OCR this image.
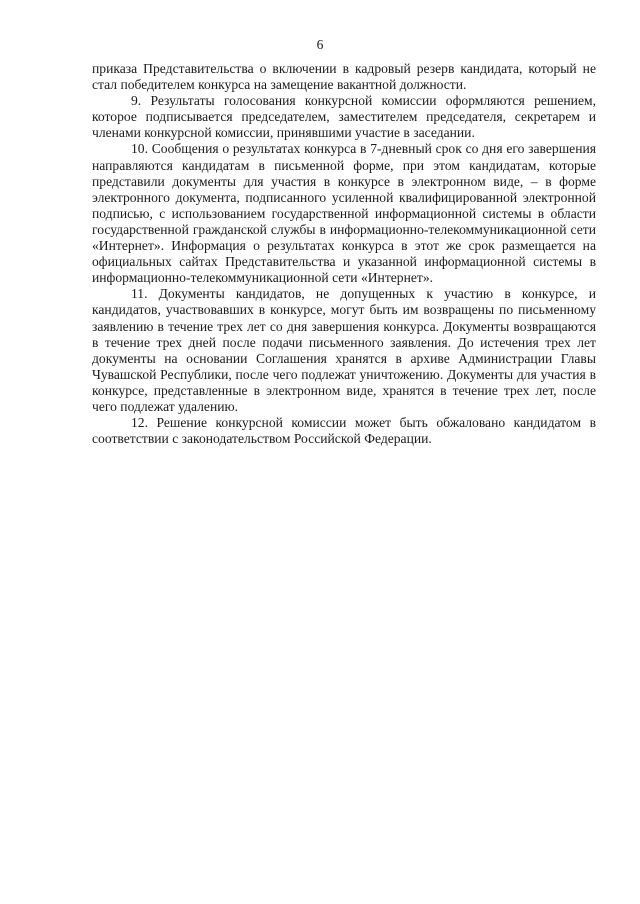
6

приказа Представительства о включении в кадровый резерв кандидата, который не стал победителем конкурса на замещение вакантной должности.

9. Результаты голосования конкурсной комиссии оформляются решением, которое подписывается председателем, заместителем председателя, секретарем и членами конкурсной комиссии, принявшими участие в заседании.

10. Сообщения о результатах конкурса в 7-дневный срок со дня его завершения направляются кандидатам в письменной форме, при этом кандидатам, которые представили документы для участия в конкурсе в электронном виде, – в форме электронного документа, подписанного усиленной квалифицированной электронной подписью, с использованием государственной информационной системы в области государственной гражданской службы в информационно-телекоммуникационной сети «Интернет». Информация о результатах конкурса в этот же срок размещается на официальных сайтах Представительства и указанной информационной системы в информационно-телекоммуникационной сети «Интернет».

11. Документы кандидатов, не допущенных к участию в конкурсе, и кандидатов, участвовавших в конкурсе, могут быть им возвращены по письменному заявлению в течение трех лет со дня завершения конкурса. Документы возвращаются в течение трех дней после подачи письменного заявления. До истечения трех лет документы на основании Соглашения хранятся в архиве Администрации Главы Чувашской Республики, после чего подлежат уничтожению. Документы для участия в конкурсе, представленные в электронном виде, хранятся в течение трех лет, после чего подлежат удалению.

12. Решение конкурсной комиссии может быть обжаловано кандидатом в соответствии с законодательством Российской Федерации.
